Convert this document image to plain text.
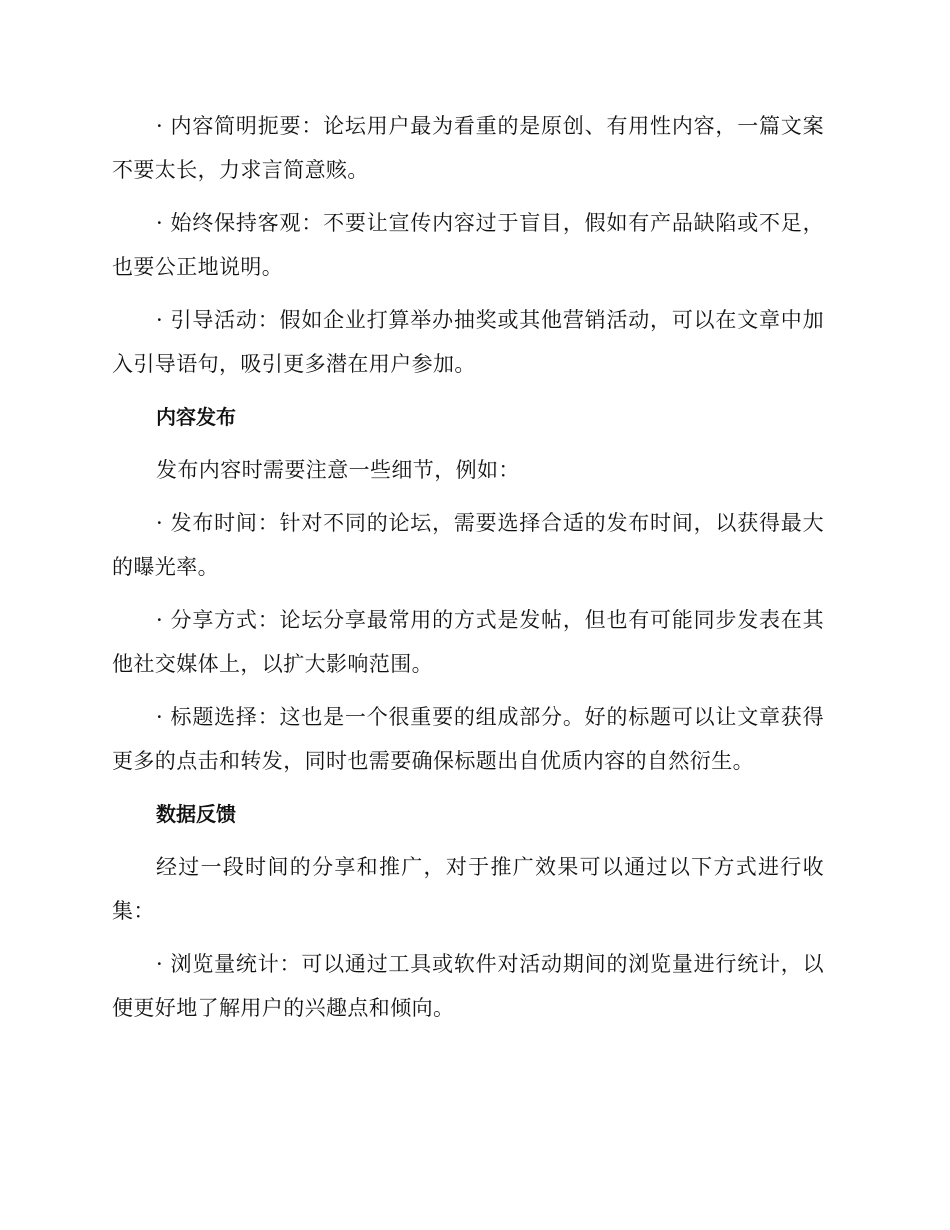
· 内容简明扼要：论坛用户最为看重的是原创、有用性内容，一篇文案不要太长，力求言简意赅。

· 始终保持客观：不要让宣传内容过于盲目，假如有产品缺陷或不足，也要公正地说明。

· 引导活动：假如企业打算举办抽奖或其他营销活动，可以在文章中加入引导语句，吸引更多潜在用户参加。

内容发布

发布内容时需要注意一些细节，例如：

· 发布时间：针对不同的论坛，需要选择合适的发布时间，以获得最大的曝光率。

· 分享方式：论坛分享最常用的方式是发帖，但也有可能同步发表在其他社交媒体上，以扩大影响范围。

· 标题选择：这也是一个很重要的组成部分。好的标题可以让文章获得更多的点击和转发，同时也需要确保标题出自优质内容的自然衍生。

数据反馈

经过一段时间的分享和推广，对于推广效果可以通过以下方式进行收集：

· 浏览量统计：可以通过工具或软件对活动期间的浏览量进行统计，以便更好地了解用户的兴趣点和倾向。
